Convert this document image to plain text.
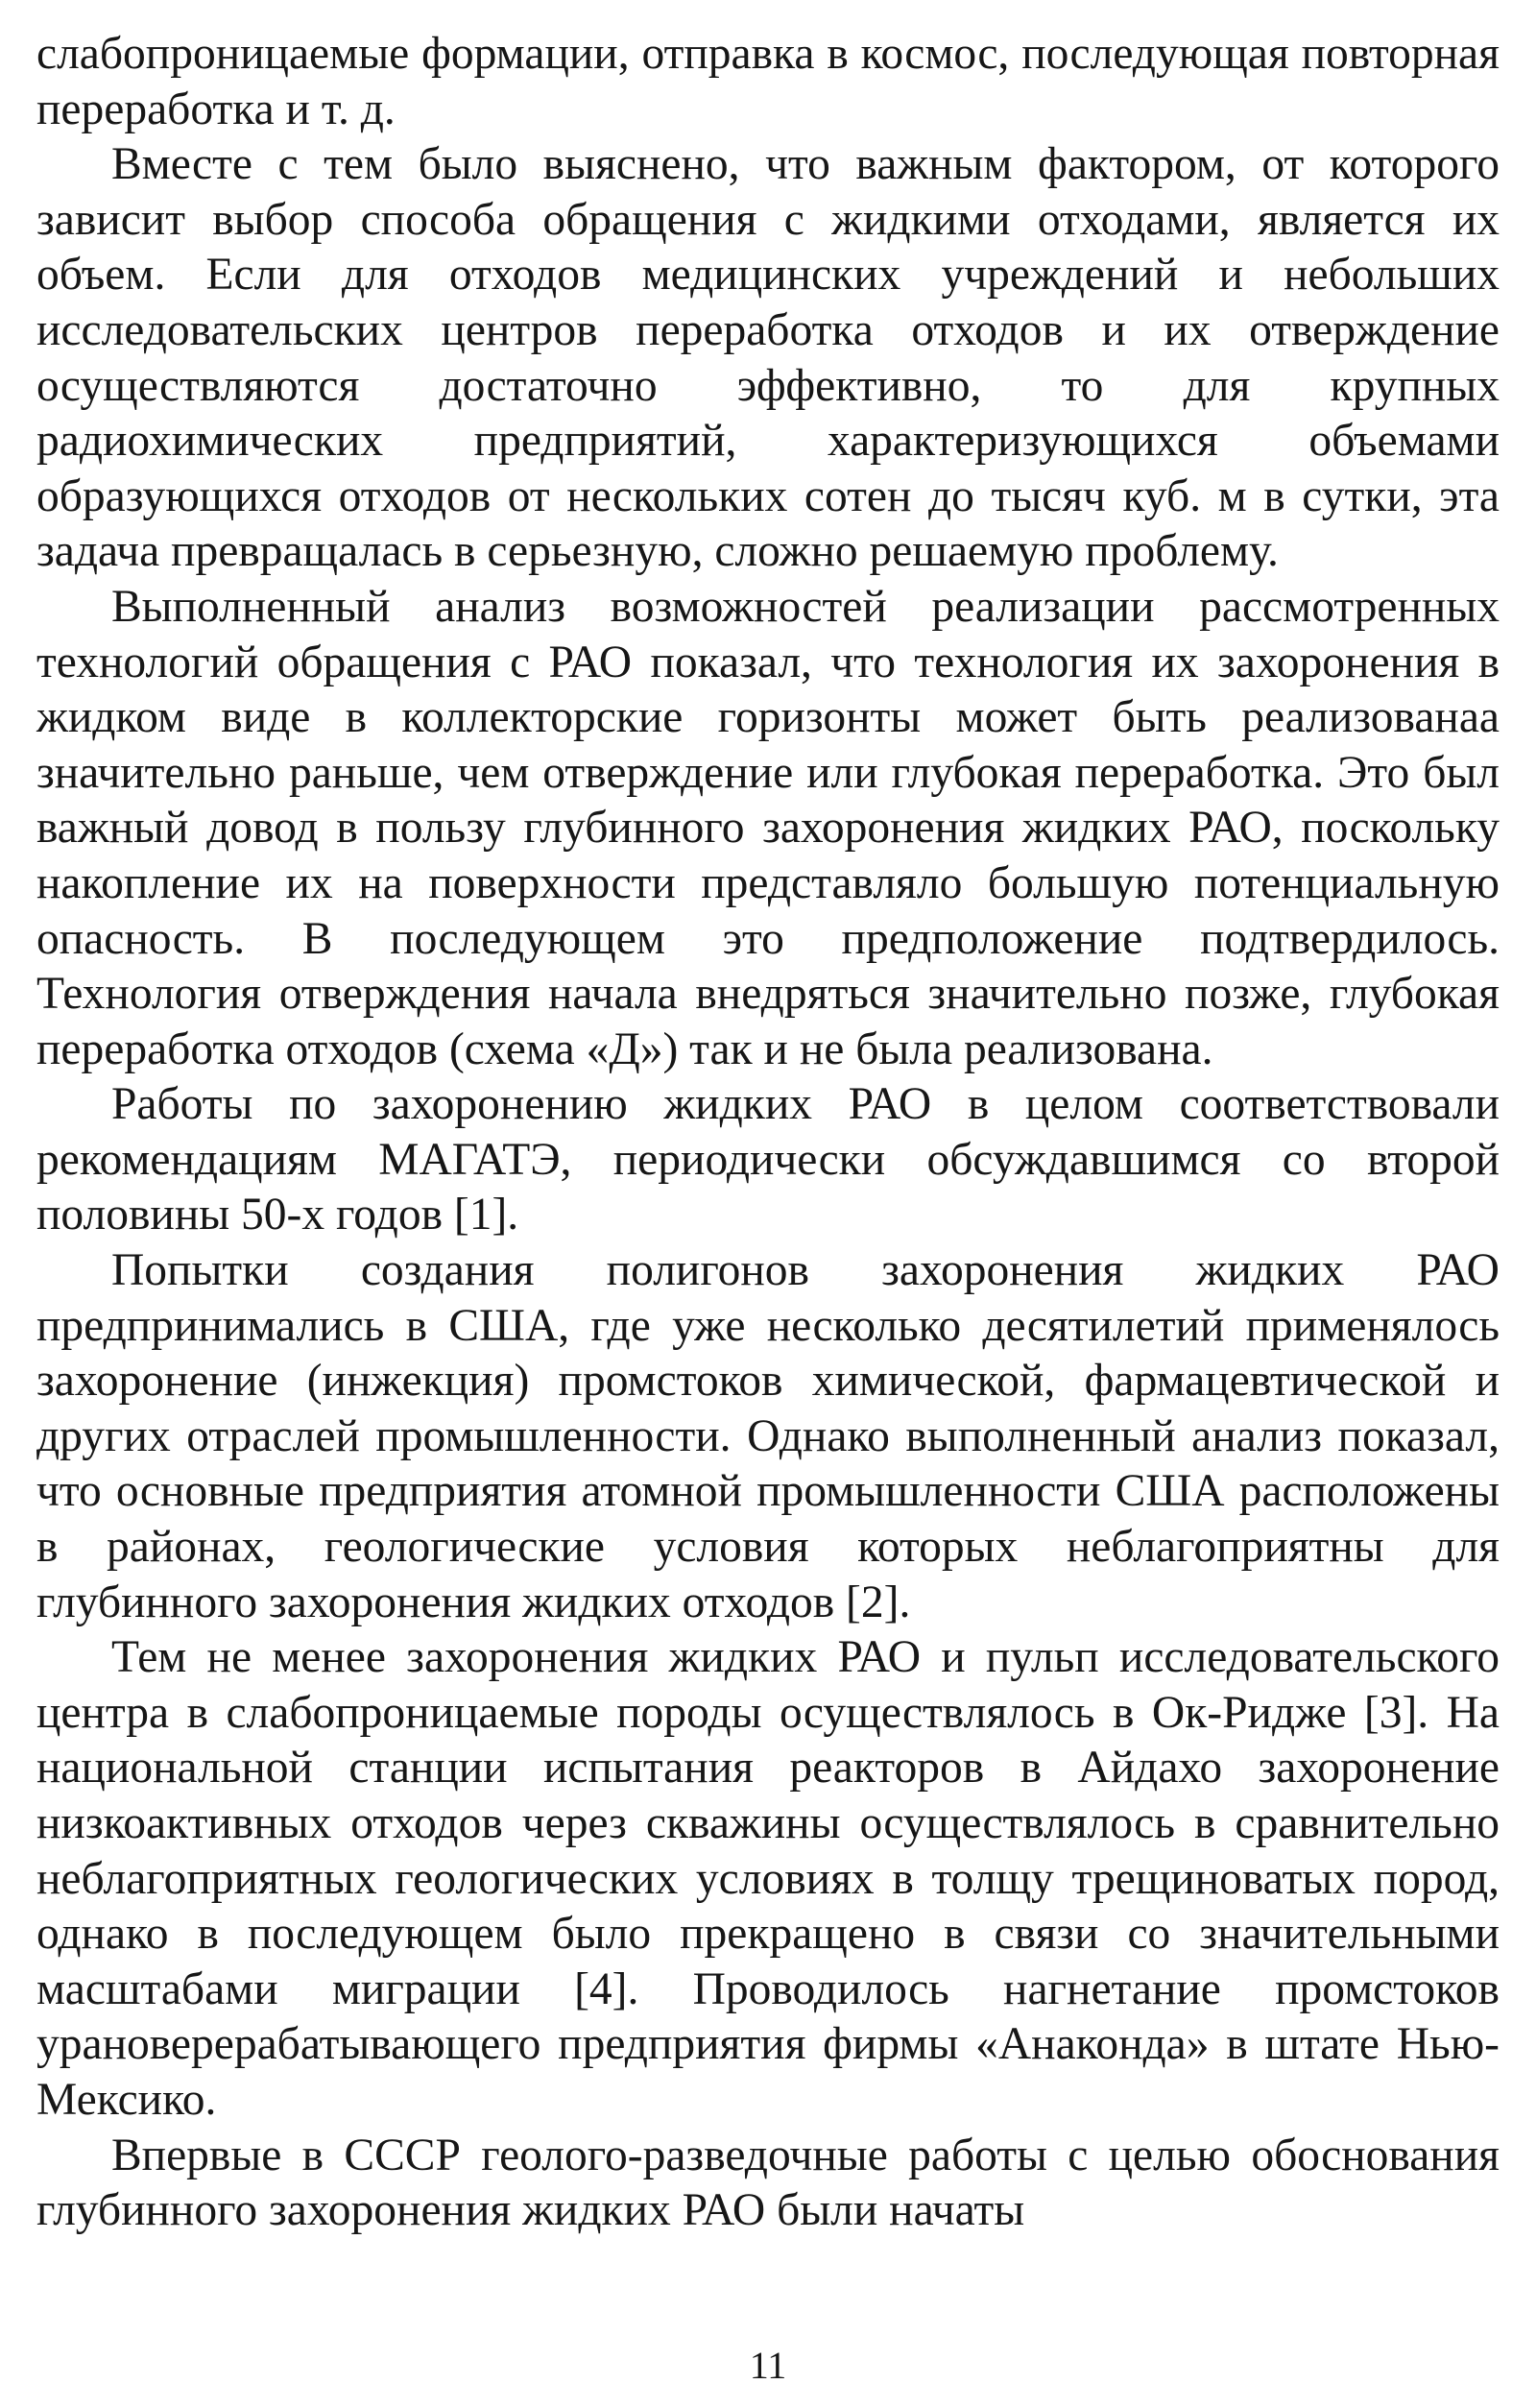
слабопроницаемые формации, отправка в космос, последующая повторная переработка и т. д.

Вместе с тем было выяснено, что важным фактором, от которого зависит выбор способа обращения с жидкими отходами, является их объем. Если для отходов медицинских учреждений и небольших исследовательских центров переработка отходов и их отверждение осуществляются достаточно эффективно, то для крупных радиохимических предприятий, характеризующихся объемами образующихся отходов от нескольких сотен до тысяч куб. м в сутки, эта задача превращалась в серьезную, сложно решаемую проблему.

Выполненный анализ возможностей реализации рассмотренных технологий обращения с РАО показал, что технология их захоронения в жидком виде в коллекторские горизонты может быть реализованаа значительно раньше, чем отверждение или глубокая переработка. Это был важный довод в пользу глубинного захоронения жидких РАО, поскольку накопление их на поверхности представляло большую потенциальную опасность. В последующем это предположение подтвердилось. Технология отверждения начала внедряться значительно позже, глубокая переработка отходов (схема «Д») так и не была реализована.

Работы по захоронению жидких РАО в целом соответствовали рекомендациям МАГАТЭ, периодически обсуждавшимся со второй половины 50-х годов [1].

Попытки создания полигонов захоронения жидких РАО предпринимались в США, где уже несколько десятилетий применялось захоронение (инжекция) промстоков химической, фармацевтической и других отраслей промышленности. Однако выполненный анализ показал, что основные предприятия атомной промышленности США расположены в районах, геологические условия которых неблагоприятны для глубинного захоронения жидких отходов [2].

Тем не менее захоронения жидких РАО и пульп исследовательского центра в слабопроницаемые породы осуществлялось в Ок-Ридже [3]. На национальной станции испытания реакторов в Айдахо захоронение низкоактивных отходов через скважины осуществлялось в сравнительно неблагоприятных геологических условиях в толщу трещиноватых пород, однако в последующем было прекращено в связи со значительными масштабами миграции [4]. Проводилось нагнетание промстоков урановерерабатывающего предприятия фирмы «Анаконда» в штате Нью-Мексико.

Впервые в СССР геолого-разведочные работы с целью обоснования глубинного захоронения жидких РАО были начаты

11
